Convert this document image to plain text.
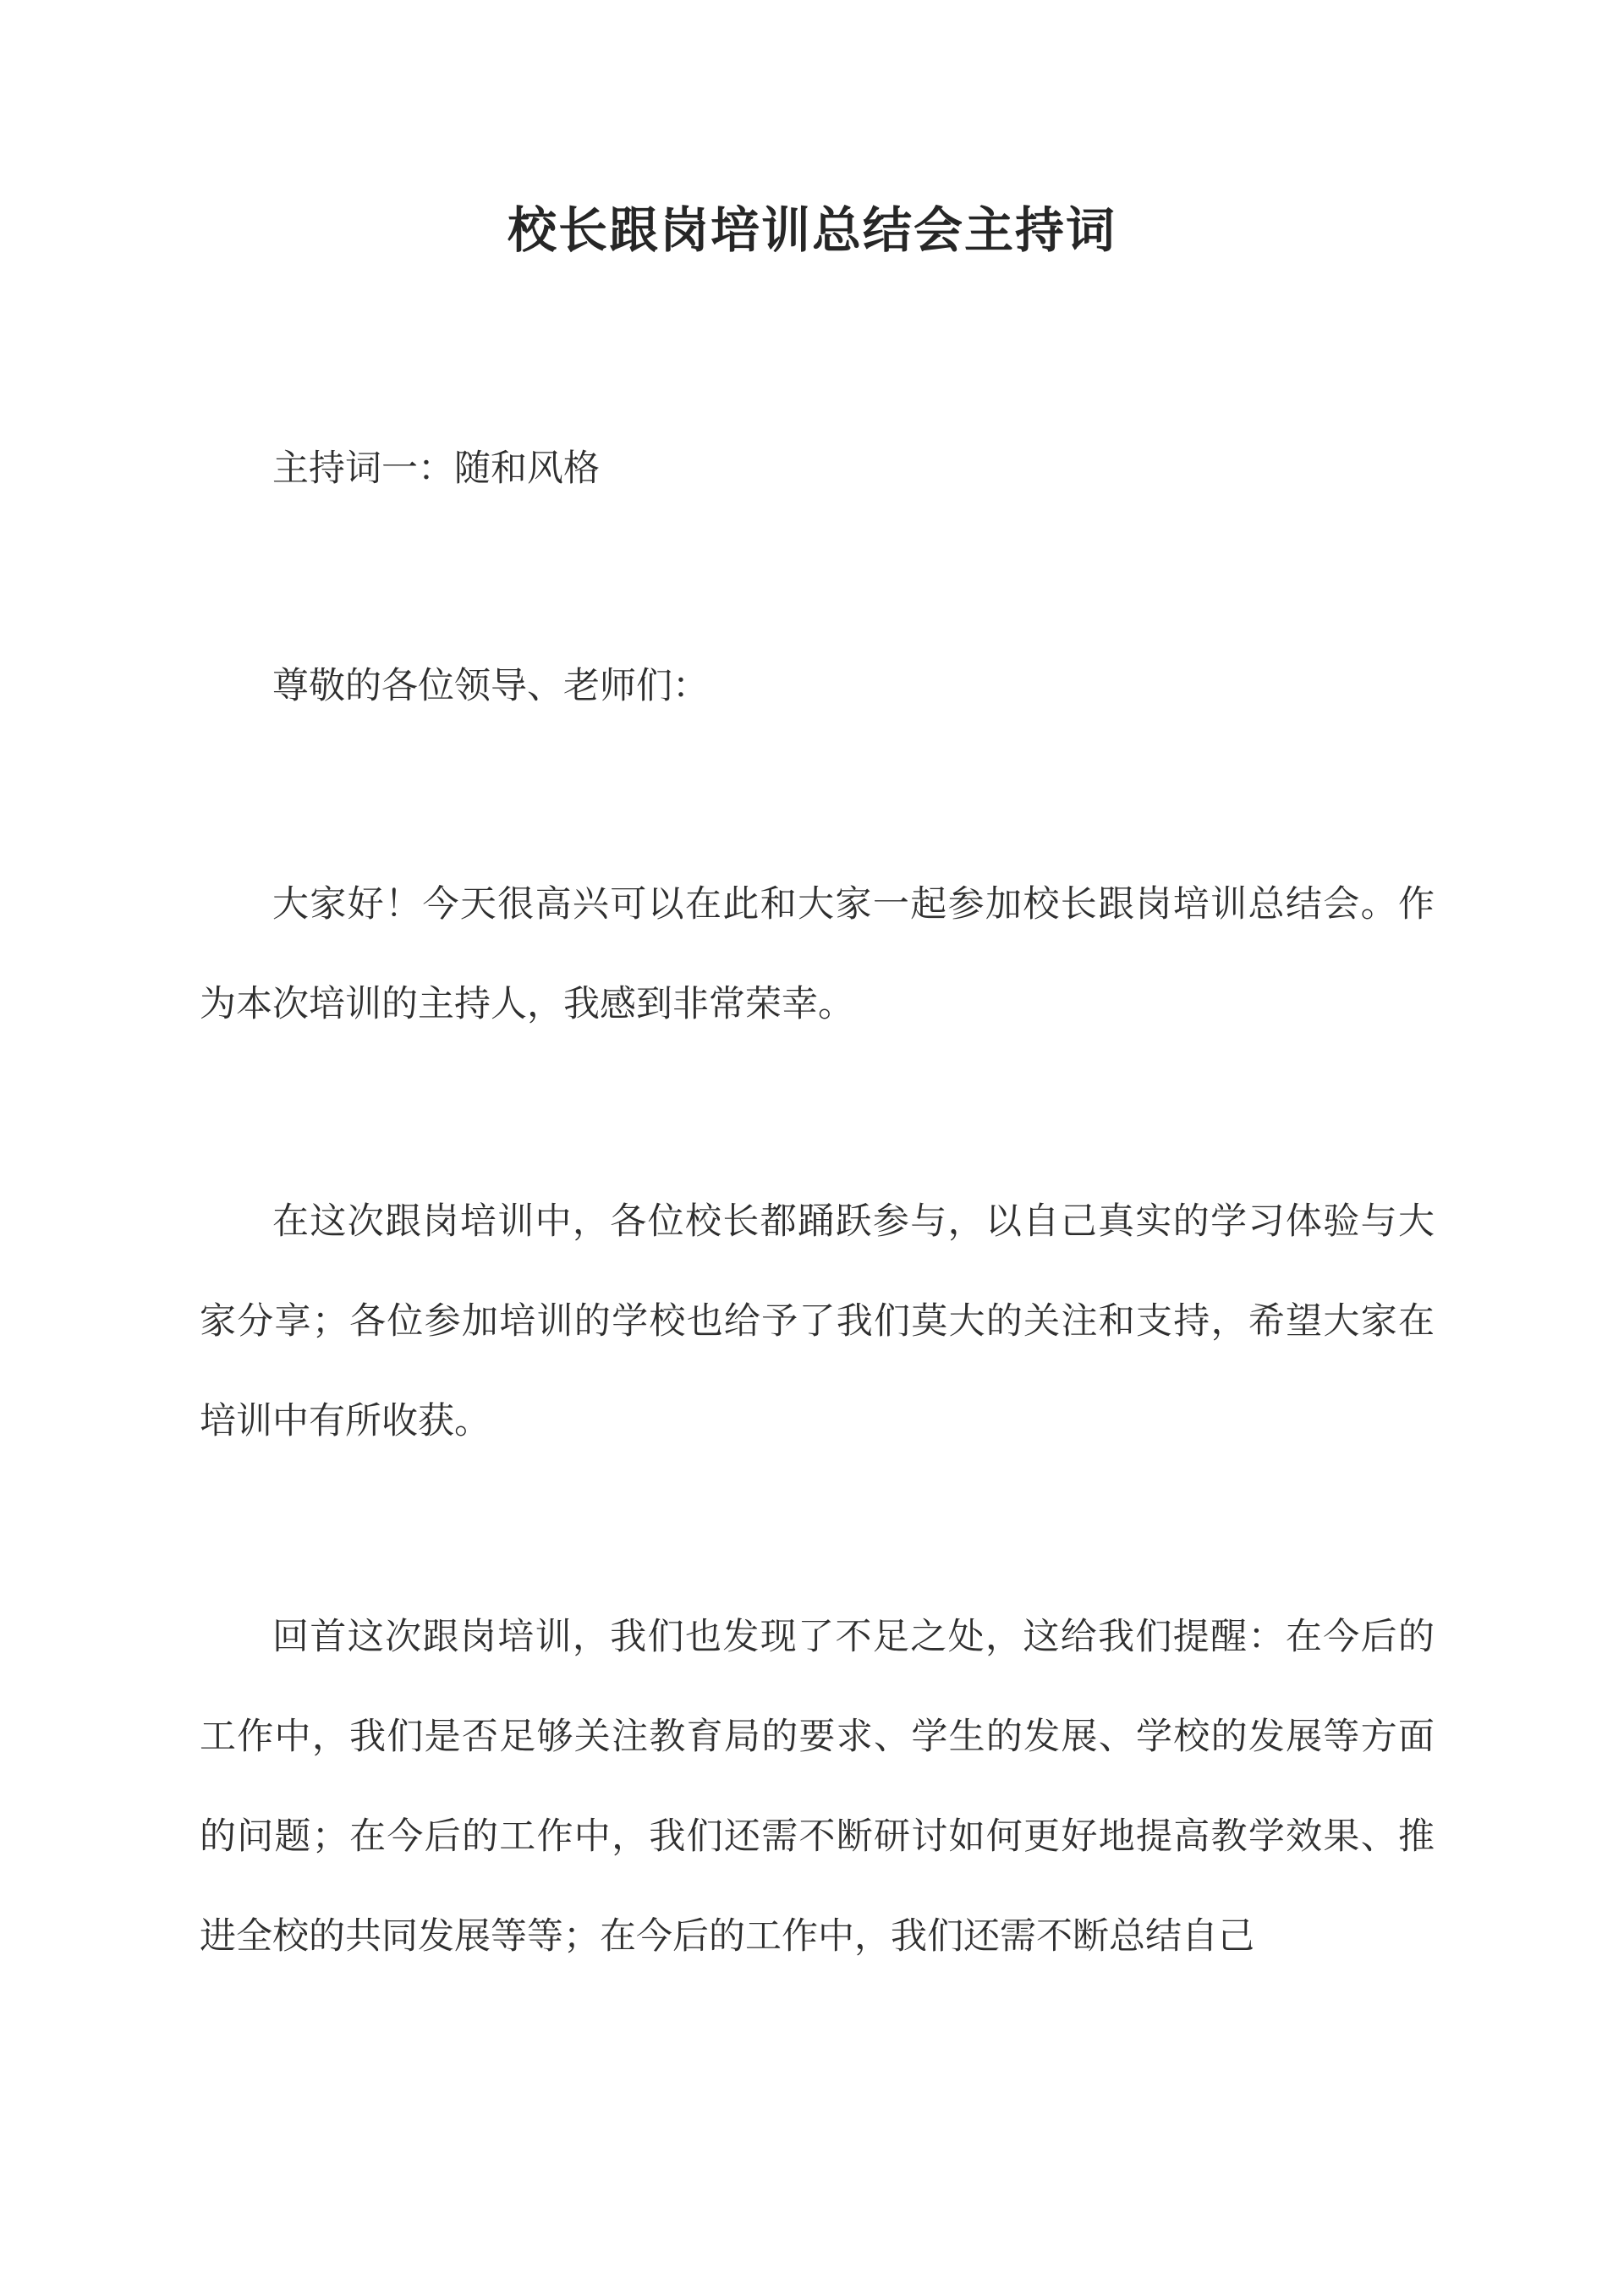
校长跟岗培训总结会主持词

主持词一：随和风格

尊敬的各位领导、老师们：

大家好！今天很高兴可以在此和大家一起参加校长跟岗培训总结会。作为本次培训的主持人，我感到非常荣幸。

在这次跟岗培训中，各位校长都踊跃参与，以自己真实的学习体验与大家分享；各位参加培训的学校也给予了我们莫大的关注和支持，希望大家在培训中有所收获。

回首这次跟岗培训，我们也发现了不足之处，这给我们提醒：在今后的工作中，我们是否足够关注教育局的要求、学生的发展、学校的发展等方面的问题；在今后的工作中，我们还需不断研讨如何更好地提高教学效果、推进全校的共同发展等等；在今后的工作中，我们还需不断总结自己
